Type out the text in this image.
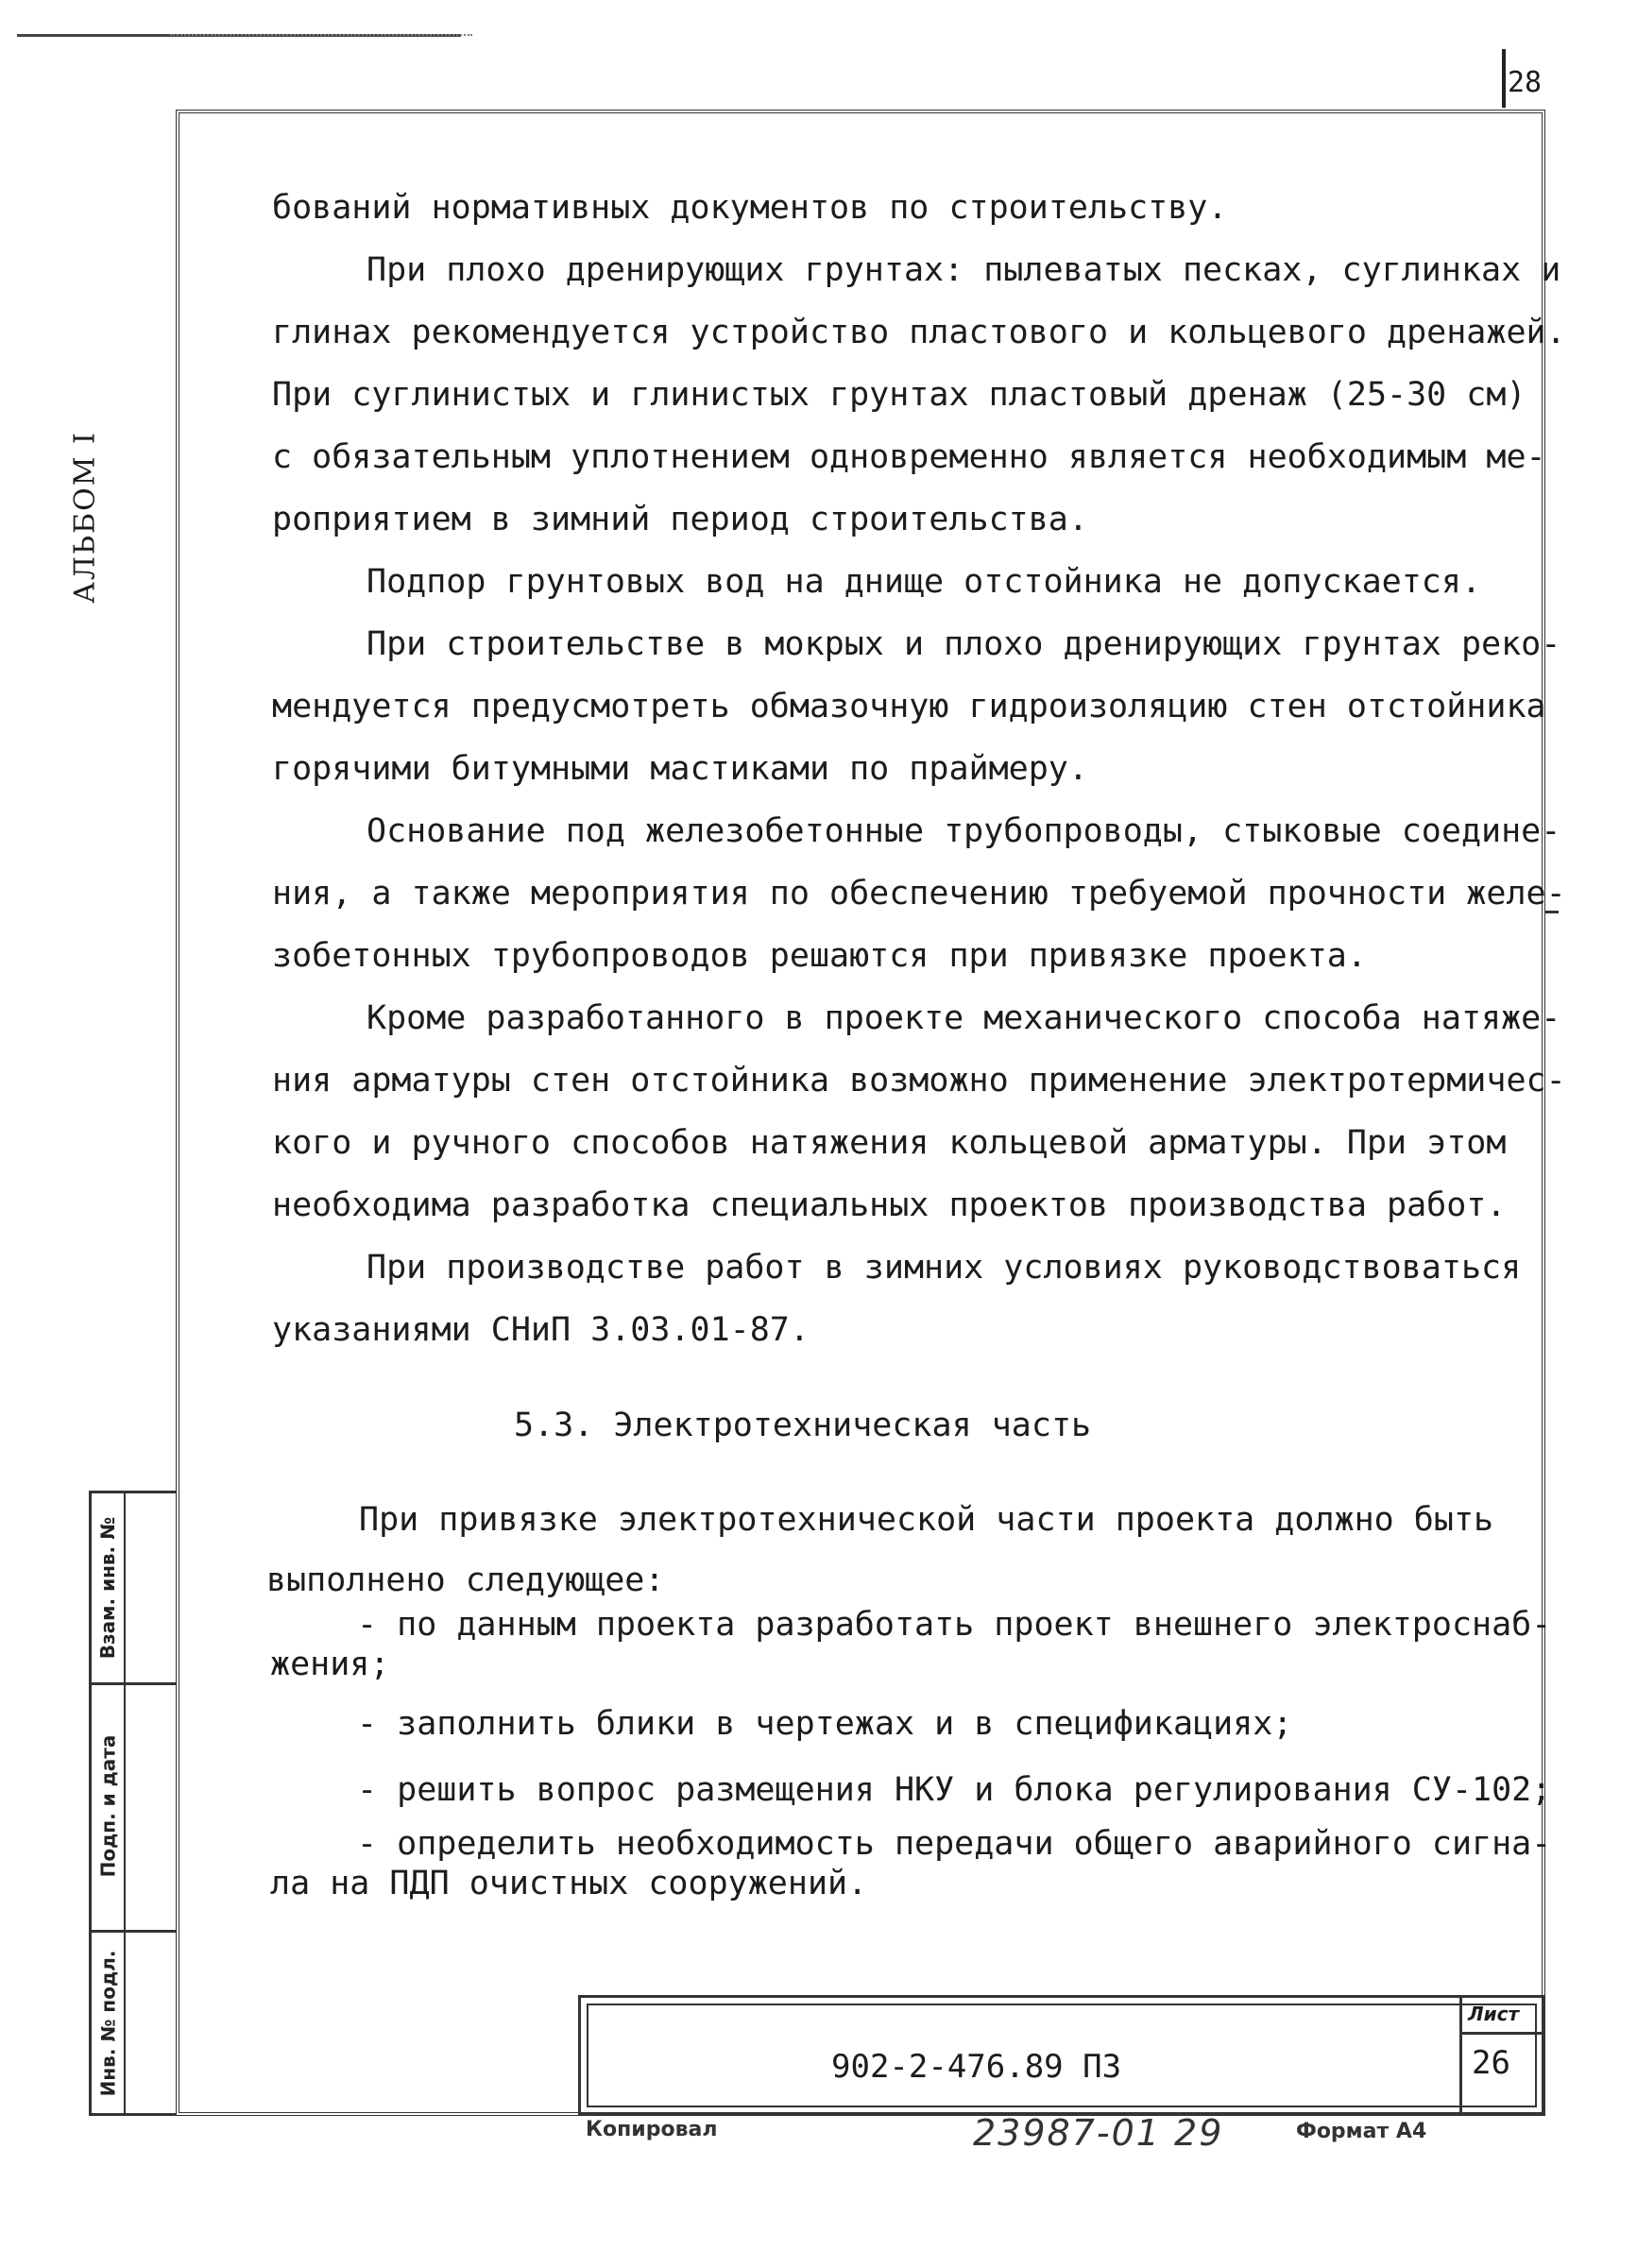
28
АЛЬБОМ I
Взам. инв. №
Подп. и дата
Инв. № подл.
бований нормативных документов по строительству.
При плохо дренирующих грунтах: пылеватых песках, суглинках и
глинах рекомендуется устройство пластового и кольцевого дренажей.
При суглинистых и глинистых грунтах пластовый дренаж (25-30 см)
с обязательным уплотнением одновременно является необходимым ме-
роприятием в зимний период строительства.
Подпор грунтовых вод на днище отстойника не допускается.
При строительстве в мокрых и плохо дренирующих грунтах реко-
мендуется предусмотреть обмазочную гидроизоляцию стен отстойника
горячими битумными мастиками по праймеру.
Основание под железобетонные трубопроводы, стыковые соедине-
ния, а также мероприятия по обеспечению требуемой прочности желе-
зобетонных трубопроводов решаются при привязке проекта.
Кроме разработанного в проекте механического способа натяже-
ния арматуры стен отстойника возможно применение электротермичес-
кого и ручного способов натяжения кольцевой арматуры. При этом
необходима разработка специальных проектов производства работ.
При производстве работ в зимних условиях руководствоваться
указаниями СНиП 3.03.01-87.
5.3. Электротехническая часть
При привязке электротехнической части проекта должно быть
выполнено следующее:
- по данным проекта разработать проект внешнего электроснаб-
жения;
- заполнить блики в чертежах и в спецификациях;
- решить вопрос размещения НКУ и блока регулирования СУ-102;
- определить необходимость передачи общего аварийного сигна-
ла на ПДП очистных сооружений.
902-2-476.89 ПЗ
Лист
26
Копировал	23987-01 29	Формат А4
